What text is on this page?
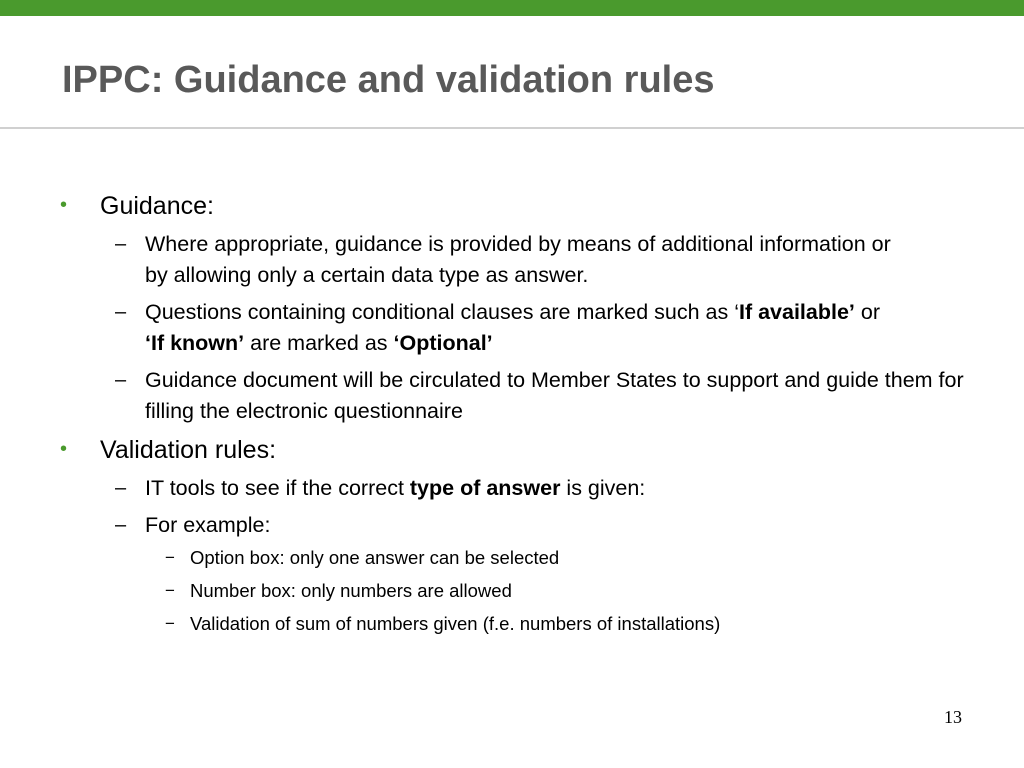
IPPC: Guidance and validation rules
• Guidance:
– Where appropriate, guidance is provided by means of additional information or by allowing only a certain data type as answer.
– Questions containing conditional clauses are marked such as ‘If available’ or ‘If known’ are marked as ‘Optional’
– Guidance document will be circulated to Member States to support and guide them for filling the electronic questionnaire
• Validation rules:
– IT tools to see if the correct type of answer is given:
– For example:
− Option box: only one answer can be selected
− Number box: only numbers are allowed
− Validation of sum of numbers given (f.e. numbers of installations)
13
